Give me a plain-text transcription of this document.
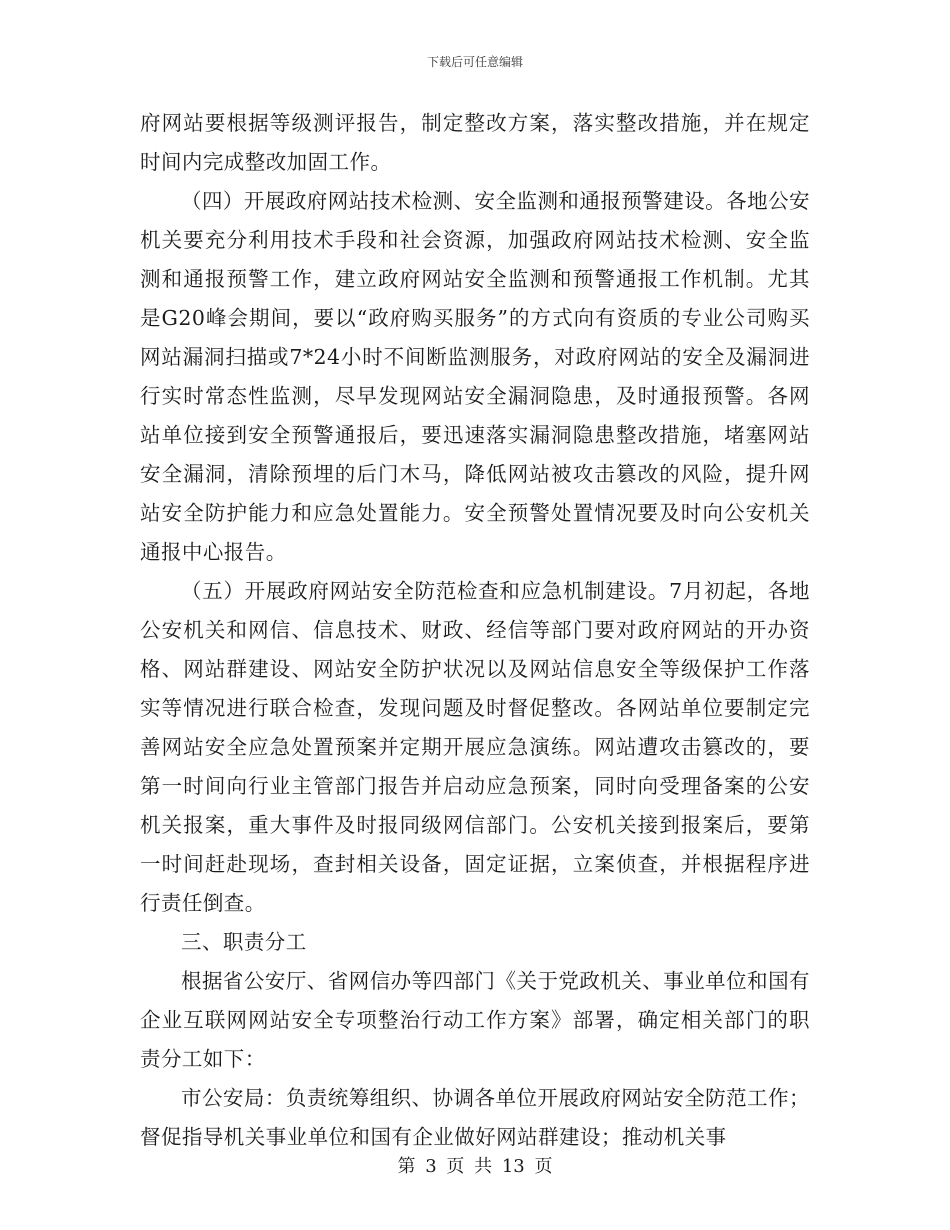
下载后可任意编辑

府网站要根据等级测评报告，制定整改方案，落实整改措施，并在规定时间内完成整改加固工作。

（四）开展政府网站技术检测、安全监测和通报预警建设。各地公安机关要充分利用技术手段和社会资源，加强政府网站技术检测、安全监测和通报预警工作，建立政府网站安全监测和预警通报工作机制。尤其是G20峰会期间，要以“政府购买服务”的方式向有资质的专业公司购买网站漏洞扫描或7*24小时不间断监测服务，对政府网站的安全及漏洞进行实时常态性监测，尽早发现网站安全漏洞隐患，及时通报预警。各网站单位接到安全预警通报后，要迅速落实漏洞隐患整改措施，堵塞网站安全漏洞，清除预埋的后门木马，降低网站被攻击篡改的风险，提升网站安全防护能力和应急处置能力。安全预警处置情况要及时向公安机关通报中心报告。

（五）开展政府网站安全防范检查和应急机制建设。7月初起，各地公安机关和网信、信息技术、财政、经信等部门要对政府网站的开办资格、网站群建设、网站安全防护状况以及网站信息安全等级保护工作落实等情况进行联合检查，发现问题及时督促整改。各网站单位要制定完善网站安全应急处置预案并定期开展应急演练。网站遭攻击篡改的，要第一时间向行业主管部门报告并启动应急预案，同时向受理备案的公安机关报案，重大事件及时报同级网信部门。公安机关接到报案后，要第一时间赶赴现场，查封相关设备，固定证据，立案侦查，并根据程序进行责任倒查。

三、职责分工

根据省公安厅、省网信办等四部门《关于党政机关、事业单位和国有企业互联网网站安全专项整治行动工作方案》部署，确定相关部门的职责分工如下：

市公安局：负责统筹组织、协调各单位开展政府网站安全防范工作；督促指导机关事业单位和国有企业做好网站群建设；推动机关事

第 3 页 共 13 页
